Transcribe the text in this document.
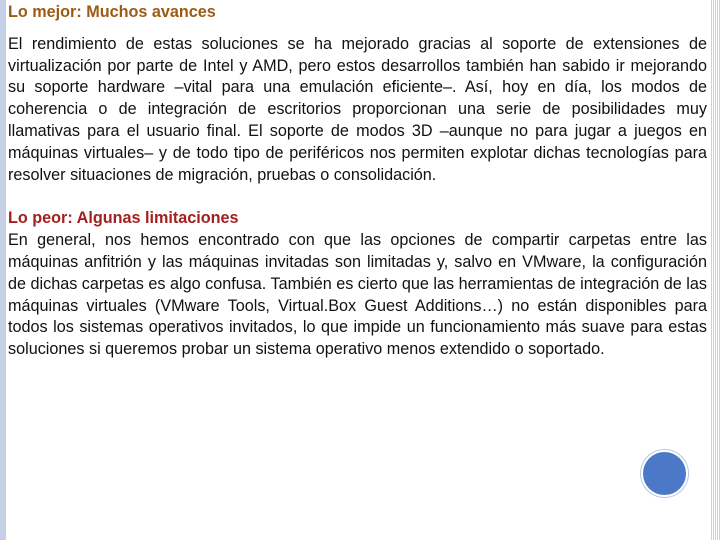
Lo mejor: Muchos avances

El rendimiento de estas soluciones se ha mejorado gracias al soporte de extensiones de virtualización por parte de Intel y AMD, pero estos desarrollos también han sabido ir mejorando su soporte hardware –vital para una emulación eficiente–. Así, hoy en día, los modos de coherencia o de integración de escritorios proporcionan una serie de posibilidades muy llamativas para el usuario final. El soporte de modos 3D –aunque no para jugar a juegos en máquinas virtuales– y de todo tipo de periféricos nos permiten explotar dichas tecnologías para resolver situaciones de migración, pruebas o consolidación.

Lo peor: Algunas limitaciones

En general, nos hemos encontrado con que las opciones de compartir carpetas entre las máquinas anfitrión y las máquinas invitadas son limitadas y, salvo en VMware, la configuración de dichas carpetas es algo confusa. También es cierto que las herramientas de integración de las máquinas virtuales (VMware Tools, Virtual.Box Guest Additions…) no están disponibles para todos los sistemas operativos invitados, lo que impide un funcionamiento más suave para estas soluciones si queremos probar un sistema operativo menos extendido o soportado.
